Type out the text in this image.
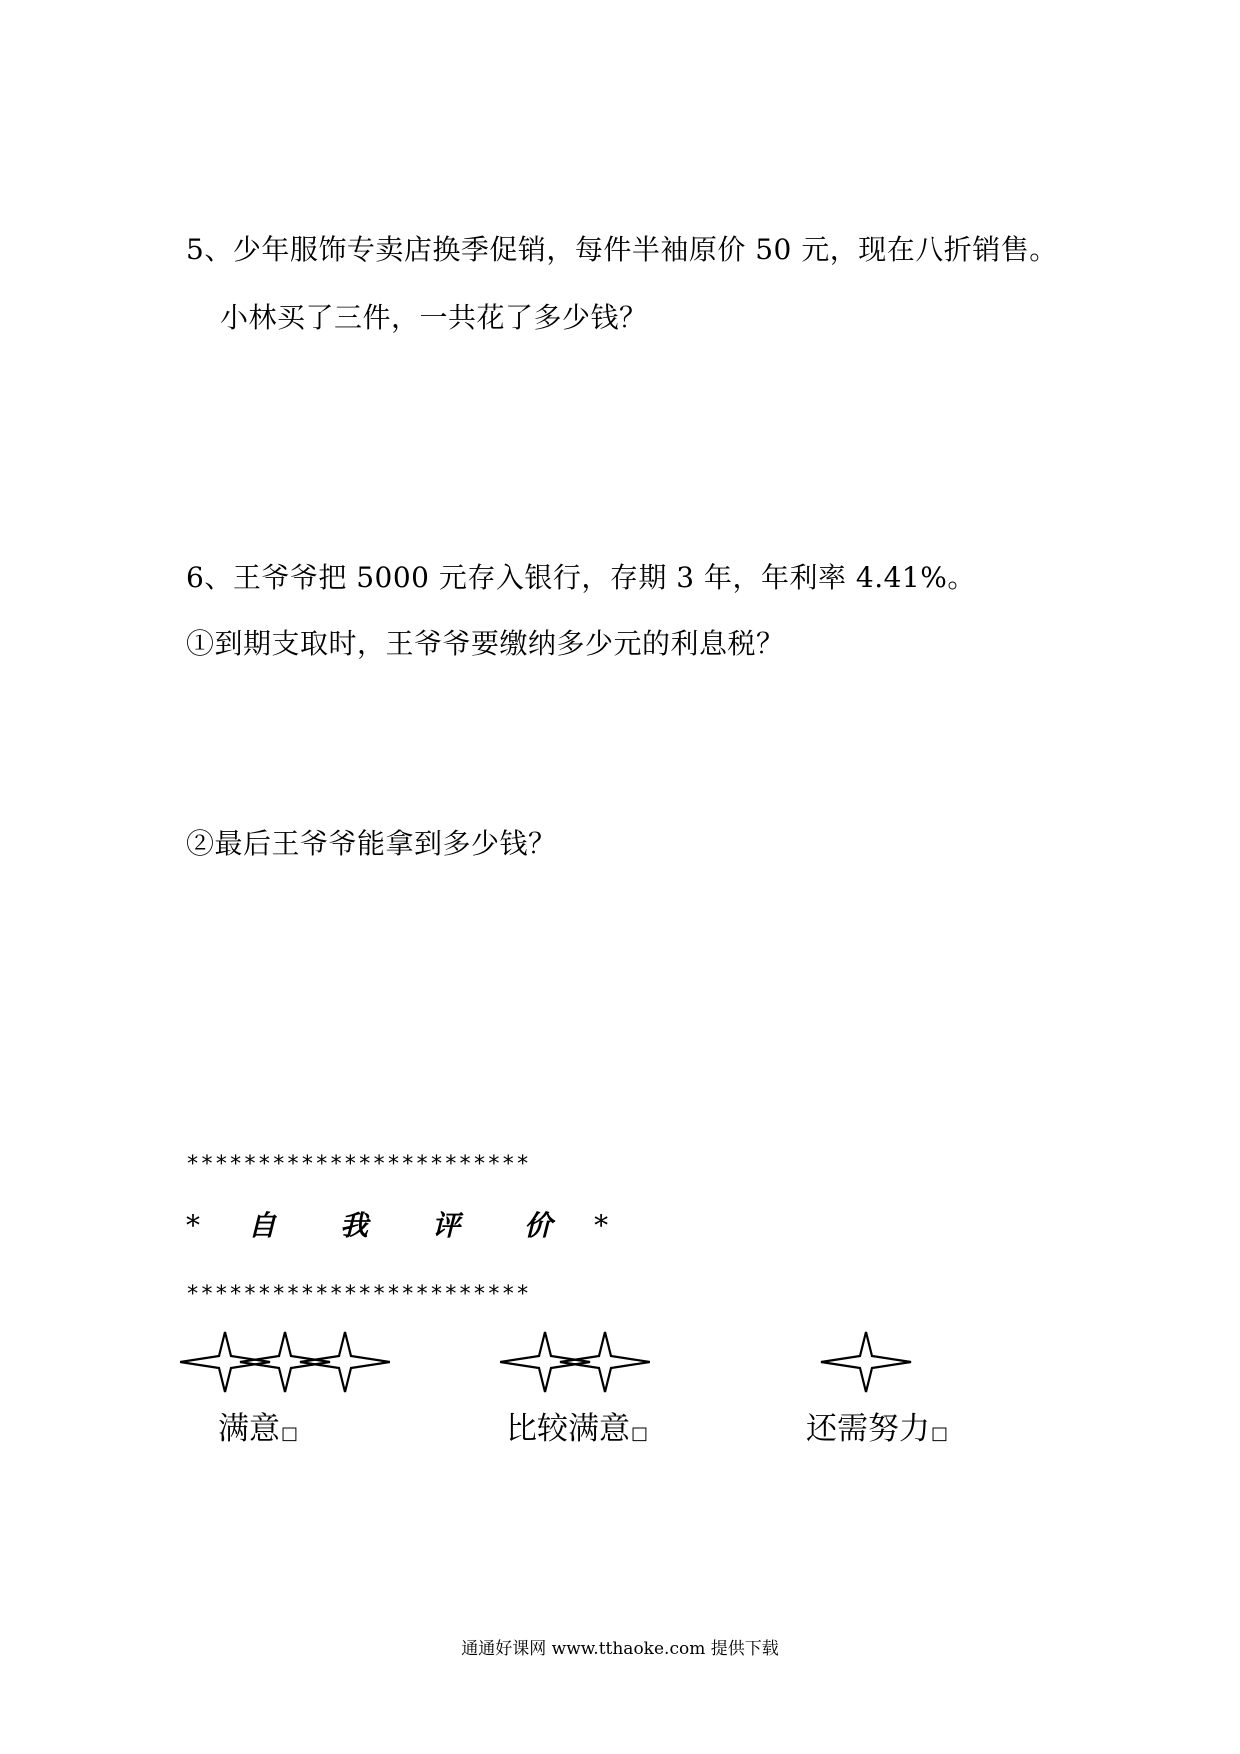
5、少年服饰专卖店换季促销，每件半袖原价 50 元，现在八折销售。
小林买了三件，一共花了多少钱？
6、王爷爷把 5000 元存入银行，存期 3 年，年利率 4.41%。
①到期支取时，王爷爷要缴纳多少元的利息税？
②最后王爷爷能拿到多少钱？
************************
* 自 我 评 价 *
************************
满意□	比较满意□	还需努力□
通通好课网 www.tthaoke.com 提供下载
